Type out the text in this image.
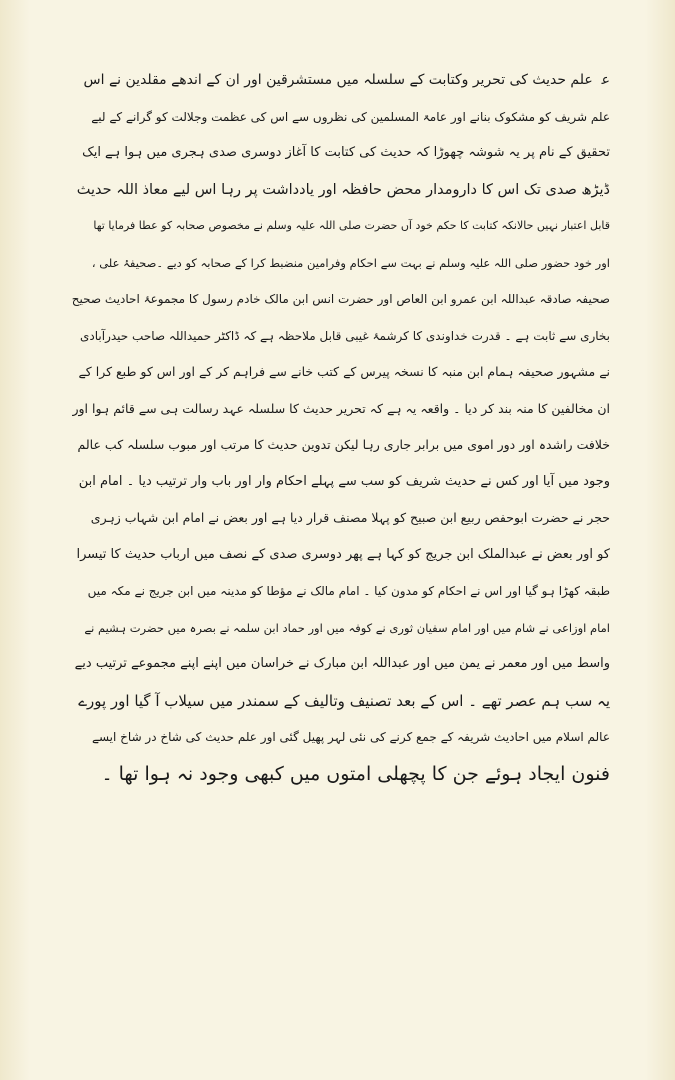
ع‍ ‍‍ علم حدیث کی تحریر وکتابت کے سلسلہ میں مستشرقین اور ان کے اندھے مقلدین نے اس
علم شریف کو مشکوک بنانے اور عامۃ المسلمین کی نظروں سے اس کی عظمت وجلالت کو گرانے کے لیے
تحقیق کے نام پر یہ شوشہ چھوڑا کہ حدیث کی کتابت کا آغاز دوسری صدی ہجری میں ہوا ہے ایک
ڈیڑھ صدی تک اس کا دارومدار محض حافظہ اور یادداشت پر رہا اس لیے معاذ اللہ حدیث
قابل اعتبار نہیں حالانکہ کتابت کا حکم خود آں حضرت صلی اللہ علیہ وسلم نے مخصوص صحابہ کو عطا فرمایا تھا
اور خود حضور صلی اللہ علیہ وسلم نے بہت سے احکام وفرامین منضبط کرا کے صحابہ کو دیے ۔صحیفۂ علی ،
صحیفہ صادقہ عبداللہ ابن عمرو ابن العاص اور حضرت انس ابن مالک خادم رسول کا مجموعۂ احادیث صحیح
بخاری سے ثابت ہے ۔ قدرت خداوندی کا کرشمۂ غیبی قابل ملاحظہ ہے کہ ڈاکٹر حمیداللہ صاحب حیدرآبادی
نے مشہور صحیفہ ہمام ابن منبہ کا نسخہ پیرس کے کتب خانے سے فراہم کر کے اور اس کو طبع کرا کے
ان مخالفین کا منہ بند کر دیا ۔ واقعہ یہ ہے کہ تحریر حدیث کا سلسلہ عہد رسالت ہی سے قائم ہوا اور
خلافت راشدہ اور دور اموی میں برابر جاری رہا لیکن تدوین حدیث کا مرتب اور مبوب سلسلہ کب عالم
وجود میں آیا اور کس نے حدیث شریف کو سب سے پہلے احکام وار اور باب وار ترتیب دیا ۔ امام ابن
حجر نے حضرت ابوحفص ربیع ابن صبیح کو پہلا مصنف قرار دیا ہے اور بعض نے امام ابن شہاب زہری
کو اور بعض نے عبدالملک ابن جریج کو کہا ہے پھر دوسری صدی کے نصف میں ارباب حدیث کا تیسرا
طبقہ کھڑا ہو گیا اور اس نے احکام کو مدون کیا ۔ امام مالک نے مؤطا کو مدینہ میں ابن جریج نے مکہ میں
امام اوزاعی نے شام میں اور امام سفیان ثوری نے کوفہ میں اور حماد ابن سلمہ نے بصرہ میں حضرت ہشیم نے
واسط میں اور معمر نے یمن میں اور عبداللہ ابن مبارک نے خراسان میں اپنے اپنے مجموعے ترتیب دیے
یہ سب ہم عصر تھے ۔ اس کے بعد تصنیف وتالیف کے سمندر میں سیلاب آ گیا اور پورے
عالم اسلام میں احادیث شریفہ کے جمع کرنے کی نئی لہر پھیل گئی اور علم حدیث کی شاخ در شاخ ایسے
فنون ایجاد ہوئے جن کا پچھلی امتوں میں کبھی وجود نہ ہوا تھا ۔
